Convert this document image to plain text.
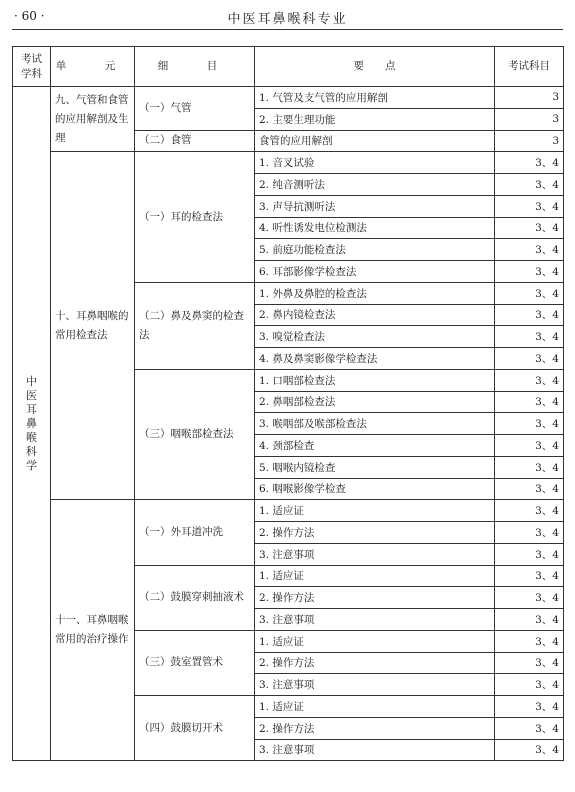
· 60 ·	中医耳鼻喉科专业
考试学科	单　元	细　目	要　　点	考试科目
中医耳鼻喉科学	九、气管和食管的应用解剖及生理	（一）气管	1. 气管及支气管的应用解剖	3
			2. 主要生理功能	3
		（二）食管	食管的应用解剖	3
	十、耳鼻咽喉的常用检查法	（一）耳的检查法	1. 音叉试验	3、4
			2. 纯音测听法	3、4
			3. 声导抗测听法	3、4
			4. 听性诱发电位检测法	3、4
			5. 前庭功能检查法	3、4
			6. 耳部影像学检查法	3、4
		（二）鼻及鼻窦的检查法	1. 外鼻及鼻腔的检查法	3、4
			2. 鼻内镜检查法	3、4
			3. 嗅觉检查法	3、4
			4. 鼻及鼻窦影像学检查法	3、4
		（三）咽喉部检查法	1. 口咽部检查法	3、4
			2. 鼻咽部检查法	3、4
			3. 喉咽部及喉部检查法	3、4
			4. 颈部检查	3、4
			5. 咽喉内镜检查	3、4
			6. 咽喉影像学检查	3、4
	十一、耳鼻咽喉常用的治疗操作	（一）外耳道冲洗	1. 适应证	3、4
			2. 操作方法	3、4
			3. 注意事项	3、4
		（二）鼓膜穿刺抽液术	1. 适应证	3、4
			2. 操作方法	3、4
			3. 注意事项	3、4
		（三）鼓室置管术	1. 适应证	3、4
			2. 操作方法	3、4
			3. 注意事项	3、4
		（四）鼓膜切开术	1. 适应证	3、4
			2. 操作方法	3、4
			3. 注意事项	3、4
